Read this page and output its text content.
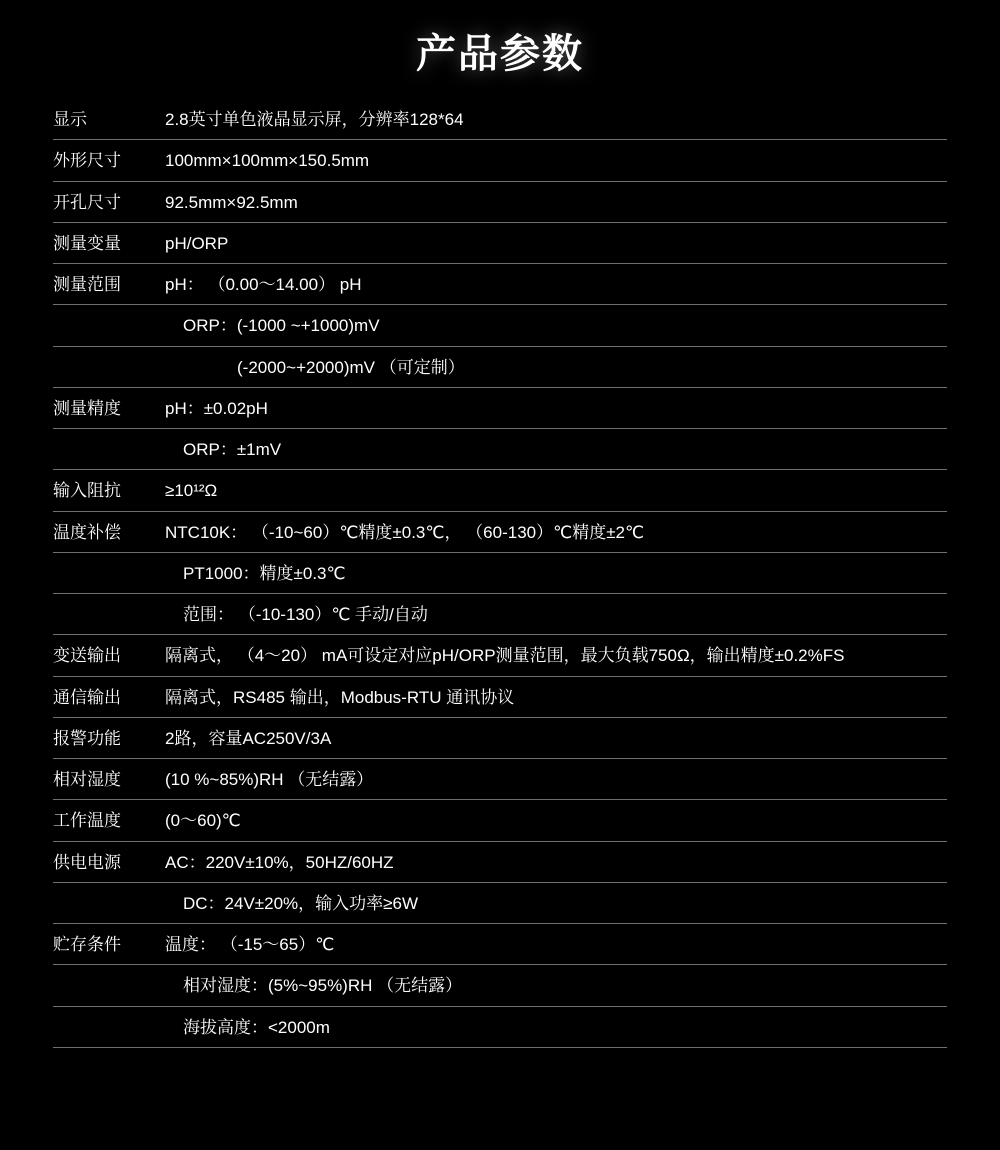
产品参数
显示	2.8英寸单色液晶显示屏，分辨率128*64
外形尺寸	100mm×100mm×150.5mm
开孔尺寸	92.5mm×92.5mm
测量变量	pH/ORP
测量范围	pH： （0.00～14.00） pH
	ORP：(-1000 ~+1000)mV
	(-2000~+2000)mV （可定制）
测量精度	pH：±0.02pH
	ORP：±1mV
输入阻抗	≥10¹²Ω
温度补偿	NTC10K： （-10~60）℃精度±0.3℃， （60-130）℃精度±2℃
	PT1000：精度±0.3℃
	范围： （-10-130）℃ 手动/自动
变送输出	隔离式， （4～20） mA可设定对应pH/ORP测量范围，最大负载750Ω，输出精度±0.2%FS
通信输出	隔离式，RS485 输出，Modbus-RTU 通讯协议
报警功能	2路，容量AC250V/3A
相对湿度	(10 %~85%)RH （无结露）
工作温度	(0～60)℃
供电电源	AC：220V±10%，50HZ/60HZ
	DC：24V±20%，输入功率≥6W
贮存条件	温度： （-15～65）℃
	相对湿度：(5%~95%)RH （无结露）
	海拔高度：<2000m
